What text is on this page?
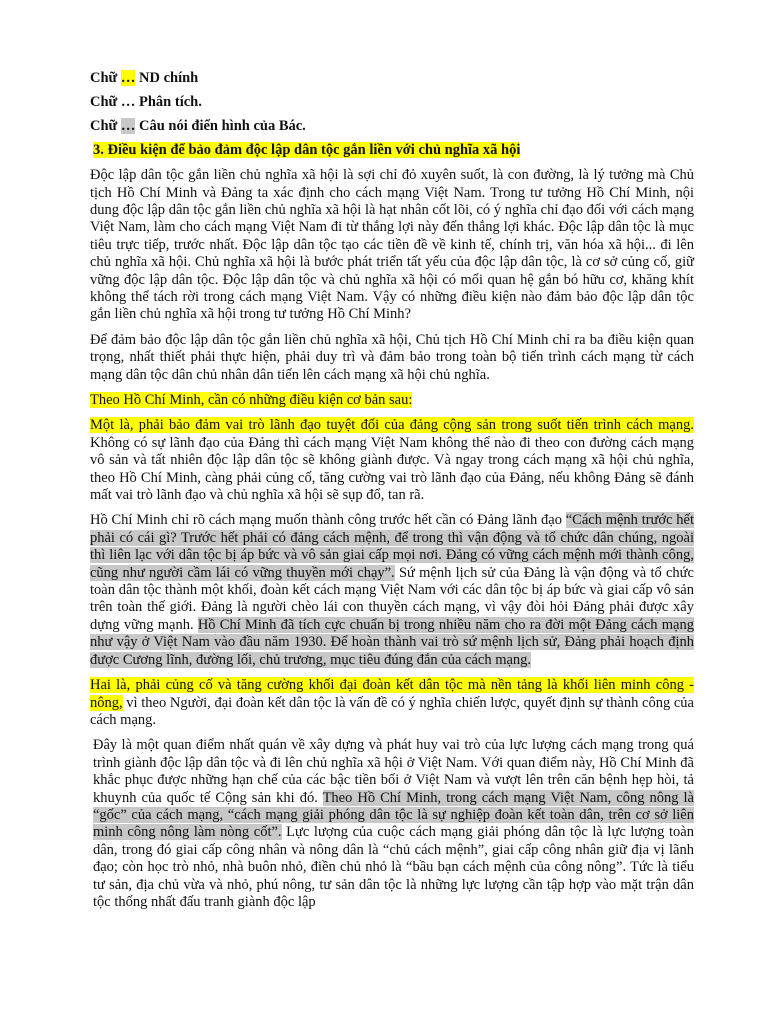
Chữ … ND chính
Chữ … Phân tích.
Chữ … Câu nói điển hình của Bác.
3. Điều kiện để bảo đảm độc lập dân tộc gắn liền với chủ nghĩa xã hội

Độc lập dân tộc gắn liền chủ nghĩa xã hội là sợi chỉ đỏ xuyên suốt, là con đường, là lý tưởng mà Chủ tịch Hồ Chí Minh và Đảng ta xác định cho cách mạng Việt Nam. Trong tư tưởng Hồ Chí Minh, nội dung độc lập dân tộc gắn liền chủ nghĩa xã hội là hạt nhân cốt lõi, có ý nghĩa chỉ đạo đối với cách mạng Việt Nam, làm cho cách mạng Việt Nam đi từ thắng lợi này đến thắng lợi khác. Độc lập dân tộc là mục tiêu trực tiếp, trước nhất. Độc lập dân tộc tạo các tiền đề về kinh tế, chính trị, văn hóa xã hội... đi lên chủ nghĩa xã hội. Chủ nghĩa xã hội là bước phát triển tất yếu của độc lập dân tộc, là cơ sở củng cố, giữ vững độc lập dân tộc. Độc lập dân tộc và chủ nghĩa xã hội có mối quan hệ gắn bó hữu cơ, khăng khít không thể tách rời trong cách mạng Việt Nam. Vậy có những điều kiện nào đảm bảo độc lập dân tộc gắn liền chủ nghĩa xã hội trong tư tưởng Hồ Chí Minh?

Để đảm bảo độc lập dân tộc gắn liền chủ nghĩa xã hội, Chủ tịch Hồ Chí Minh chỉ ra ba điều kiện quan trọng, nhất thiết phải thực hiện, phải duy trì và đảm bảo trong toàn bộ tiến trình cách mạng từ cách mạng dân tộc dân chủ nhân dân tiến lên cách mạng xã hội chủ nghĩa.

Theo Hồ Chí Minh, cần có những điều kiện cơ bản sau:

Một là, phải bảo đảm vai trò lãnh đạo tuyệt đối của đảng cộng sản trong suốt tiến trình cách mạng. Không có sự lãnh đạo của Đảng thì cách mạng Việt Nam không thể nào đi theo con đường cách mạng vô sản và tất nhiên độc lập dân tộc sẽ không giành được. Và ngay trong cách mạng xã hội chủ nghĩa, theo Hồ Chí Minh, càng phải củng cố, tăng cường vai trò lãnh đạo của Đảng, nếu không Đảng sẽ đánh mất vai trò lãnh đạo và chủ nghĩa xã hội sẽ sụp đổ, tan rã.

Hồ Chí Minh chỉ rõ cách mạng muốn thành công trước hết cần có Đảng lãnh đạo “Cách mệnh trước hết phải có cái gì? Trước hết phải có đảng cách mệnh, để trong thì vận động và tổ chức dân chúng, ngoài thì liên lạc với dân tộc bị áp bức và vô sản giai cấp mọi nơi. Đảng có vững cách mệnh mới thành công, cũng như người cầm lái có vững thuyền mới chạy”. Sứ mệnh lịch sử của Đảng là vận động và tổ chức toàn dân tộc thành một khối, đoàn kết cách mạng Việt Nam với các dân tộc bị áp bức và giai cấp vô sản trên toàn thế giới. Đảng là người chèo lái con thuyền cách mạng, vì vậy đòi hỏi Đảng phải được xây dựng vững mạnh. Hồ Chí Minh đã tích cực chuẩn bị trong nhiều năm cho ra đời một Đảng cách mạng như vậy ở Việt Nam vào đầu năm 1930. Để hoàn thành vai trò sứ mệnh lịch sử, Đảng phải hoạch định được Cương lĩnh, đường lối, chủ trương, mục tiêu đúng đắn của cách mạng.

Hai là, phải củng cố và tăng cường khối đại đoàn kết dân tộc mà nền tảng là khối liên minh công - nông, vì theo Người, đại đoàn kết dân tộc là vấn đề có ý nghĩa chiến lược, quyết định sự thành công của cách mạng.

Đây là một quan điểm nhất quán về xây dựng và phát huy vai trò của lực lượng cách mạng trong quá trình giành độc lập dân tộc và đi lên chủ nghĩa xã hội ở Việt Nam. Với quan điểm này, Hồ Chí Minh đã khắc phục được những hạn chế của các bậc tiền bối ở Việt Nam và vượt lên trên căn bệnh hẹp hòi, tả khuynh của quốc tế Cộng sản khi đó. Theo Hồ Chí Minh, trong cách mạng Việt Nam, công nông là “gốc” của cách mạng, “cách mạng giải phóng dân tộc là sự nghiệp đoàn kết toàn dân, trên cơ sở liên minh công nông làm nòng cốt”. Lực lượng của cuộc cách mạng giải phóng dân tộc là lực lượng toàn dân, trong đó giai cấp công nhân và nông dân là “chủ cách mệnh”, giai cấp công nhân giữ địa vị lãnh đạo; còn học trò nhỏ, nhà buôn nhỏ, điền chủ nhỏ là “bầu bạn cách mệnh của công nông”. Tức là tiểu tư sản, địa chủ vừa và nhỏ, phú nông, tư sản dân tộc là những lực lượng cần tập hợp vào mặt trận dân tộc thống nhất đấu tranh giành độc lập
